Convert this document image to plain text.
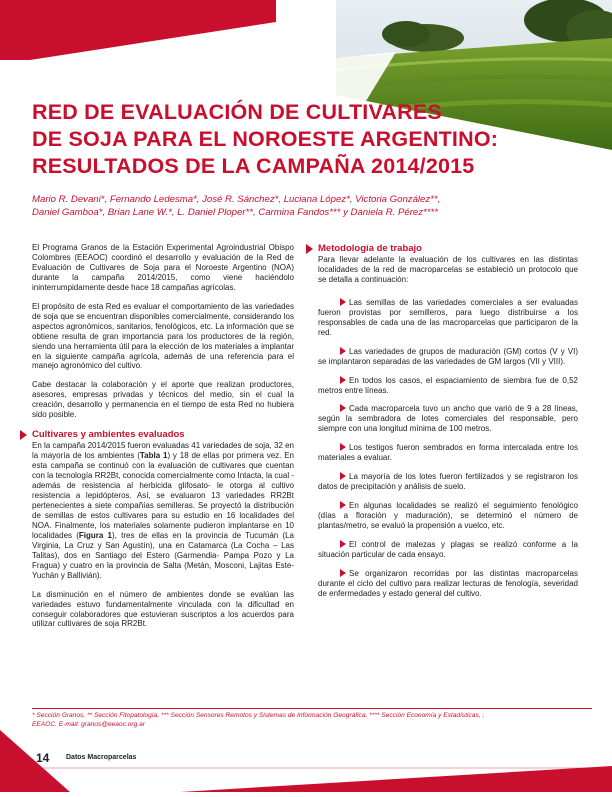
RED DE EVALUACIÓN DE CULTIVARES
DE SOJA PARA EL NOROESTE ARGENTINO:
RESULTADOS DE LA CAMPAÑA 2014/2015

Mario R. Devani*, Fernando Ledesma*, José R. Sánchez*, Luciana López*, Victoria González**,
Daniel Gamboa*, Brian Lane W.*, L. Daniel Ploper**, Carmina Fandos*** y Daniela R. Pérez****

El Programa Granos de la Estación Experimental Agroindustrial Obispo Colombres (EEAOC) coordinó el desarrollo y evaluación de la Red de Evaluación de Cultivares de Soja para el Noroeste Argentino (NOA) durante la campaña 2014/2015, como viene haciéndolo ininterrumpidamente desde hace 18 campañas agrícolas.

El propósito de esta Red es evaluar el comportamiento de las variedades de soja que se encuentran disponibles comercialmente, considerando los aspectos agronómicos, sanitarios, fenológicos, etc. La información que se obtiene resulta de gran importancia para los productores de la región, siendo una herramienta útil para la elección de los materiales a implantar en la siguiente campaña agrícola, además de una referencia para el manejo agronómico del cultivo.

Cabe destacar la colaboración y el aporte que realizan productores, asesores, empresas privadas y técnicos del medio, sin el cual la creación, desarrollo y permanencia en el tiempo de esta Red no hubiera sido posible.

Cultivares y ambientes evaluados

En la campaña 2014/2015 fueron evaluadas 41 variedades de soja, 32 en la mayoría de los ambientes (Tabla 1) y 18 de ellas por primera vez. En esta campaña se continuó con la evaluación de cultivares que cuentan con la tecnología RR2Bt, conocida comercialmente como Intacta, la cual -además de resistencia al herbicida glifosato- le otorga al cultivo resistencia a lepidópteros. Así, se evaluaron 13 variedades RR2Bt pertenecientes a siete compañías semilleras. Se proyectó la distribución de semillas de estos cultivares para su estudio en 16 localidades del NOA. Finalmente, los materiales solamente pudieron implantarse en 10 localidades (Figura 1), tres de ellas en la provincia de Tucumán (La Virginia, La Cruz y San Agustín), una en Catamarca (La Cocha – Las Talitas), dos en Santiago del Estero (Garmendia- Pampa Pozo y La Fragua) y cuatro en la provincia de Salta (Metán, Mosconi, Lajitas Este-Yuchán y Ballivián).

La disminución en el número de ambientes donde se evalúan las variedades estuvo fundamentalmente vinculada con la dificultad en conseguir colaboradores que estuvieran suscriptos a los acuerdos para utilizar cultivares de soja RR2Bt.

Metodología de trabajo

Para llevar adelante la evaluación de los cultivares en las distintas localidades de la red de macroparcelas se estableció un protocolo que se detalla a continuación:

Las semillas de las variedades comerciales a ser evaluadas fueron provistas por semilleros, para luego distribuirse a los responsables de cada una de las macroparcelas que participaron de la red.

Las variedades de grupos de maduración (GM) cortos (V y VI) se implantaron separadas de las variedades de GM largos (VII y VIII).

En todos los casos, el espaciamiento de siembra fue de 0,52 metros entre líneas.

Cada macroparcela tuvo un ancho que varió de 9 a 28 líneas, según la sembradora de lotes comerciales del responsable, pero siempre con una longitud mínima de 100 metros.

Los testigos fueron sembrados en forma intercalada entre los materiales a evaluar.

La mayoría de los lotes fueron fertilizados y se registraron los datos de precipitación y análisis de suelo.

En algunas localidades se realizó el seguimiento fenológico (días a floración y maduración), se determinó el número de plantas/metro, se evaluó la propensión a vuelco, etc.

El control de malezas y plagas se realizó conforme a la situación particular de cada ensayo.

Se organizaron recorridas por las distintas macroparcelas durante el ciclo del cultivo para realizar lecturas de fenología, severidad de enfermedades y estado general del cultivo.

* Sección Granos, ** Sección Fitopatología, *** Sección Sensores Remotos y Sistemas de Información Geográfica, **** Sección Economía y Estadísticas, ;
EEAOC. E-mail: granos@eeaoc.org.ar

14 Datos Macroparcelas
